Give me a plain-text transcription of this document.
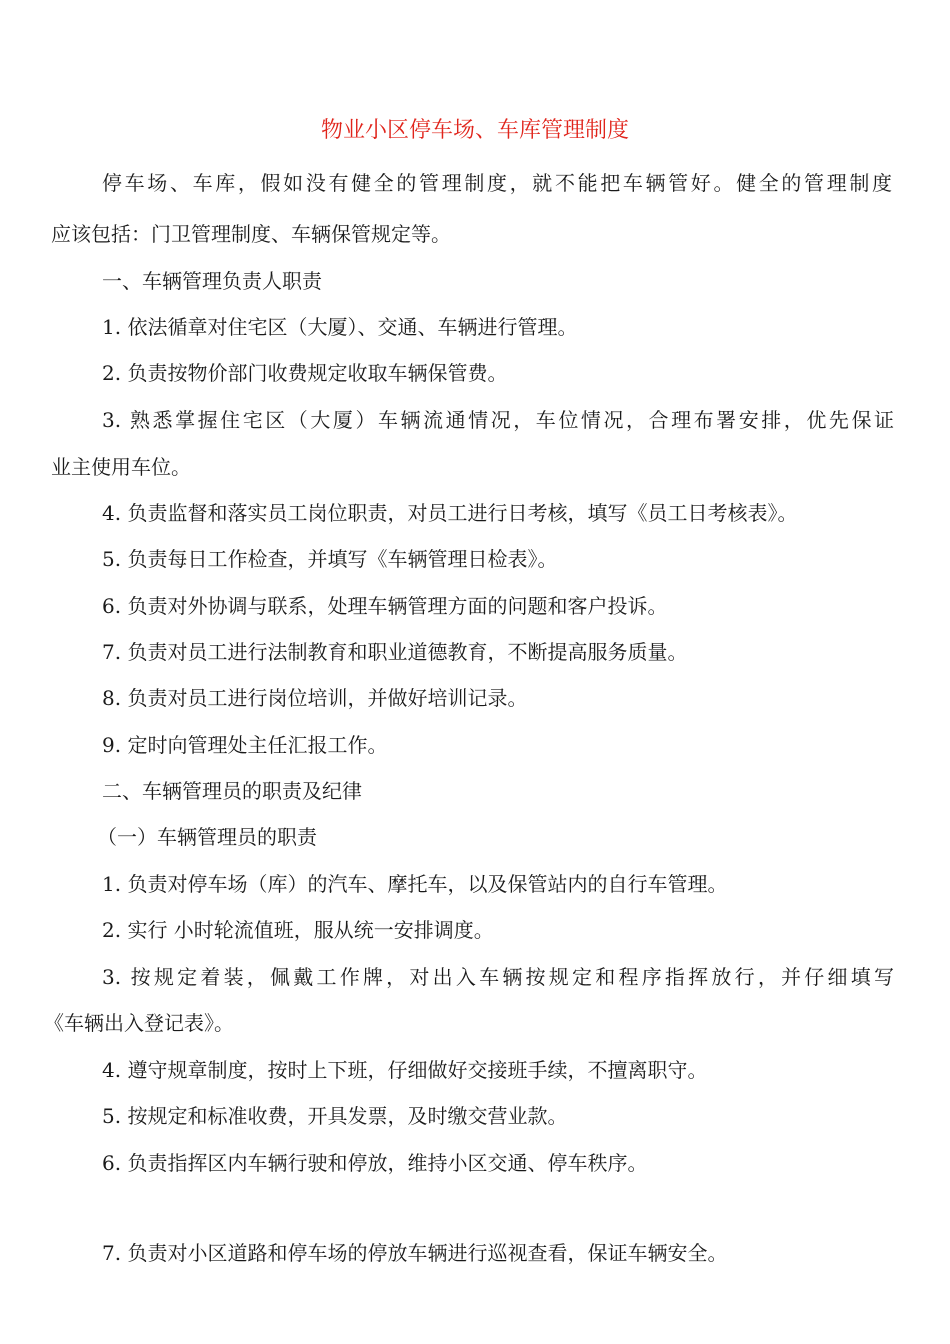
物业小区停车场、车库管理制度
停车场、车库，假如没有健全的管理制度，就不能把车辆管好。健全的管理制度
应该包括：门卫管理制度、车辆保管规定等。
一、车辆管理负责人职责
1. 依法循章对住宅区（大厦）、交通、车辆进行管理。
2. 负责按物价部门收费规定收取车辆保管费。
3. 熟悉掌握住宅区（大厦）车辆流通情况，车位情况，合理布署安排，优先保证
业主使用车位。
4. 负责监督和落实员工岗位职责，对员工进行日考核，填写《员工日考核表》。
5. 负责每日工作检查，并填写《车辆管理日检表》。
6. 负责对外协调与联系，处理车辆管理方面的问题和客户投诉。
7. 负责对员工进行法制教育和职业道德教育，不断提高服务质量。
8. 负责对员工进行岗位培训，并做好培训记录。
9. 定时向管理处主任汇报工作。
二、车辆管理员的职责及纪律
（一）车辆管理员的职责
1. 负责对停车场（库）的汽车、摩托车，以及保管站内的自行车管理。
2. 实行 小时轮流值班，服从统一安排调度。
3. 按规定着装，佩戴工作牌，对出入车辆按规定和程序指挥放行，并仔细填写
《车辆出入登记表》。
4. 遵守规章制度，按时上下班，仔细做好交接班手续，不擅离职守。
5. 按规定和标准收费，开具发票，及时缴交营业款。
6. 负责指挥区内车辆行驶和停放，维持小区交通、停车秩序。
7. 负责对小区道路和停车场的停放车辆进行巡视查看，保证车辆安全。
